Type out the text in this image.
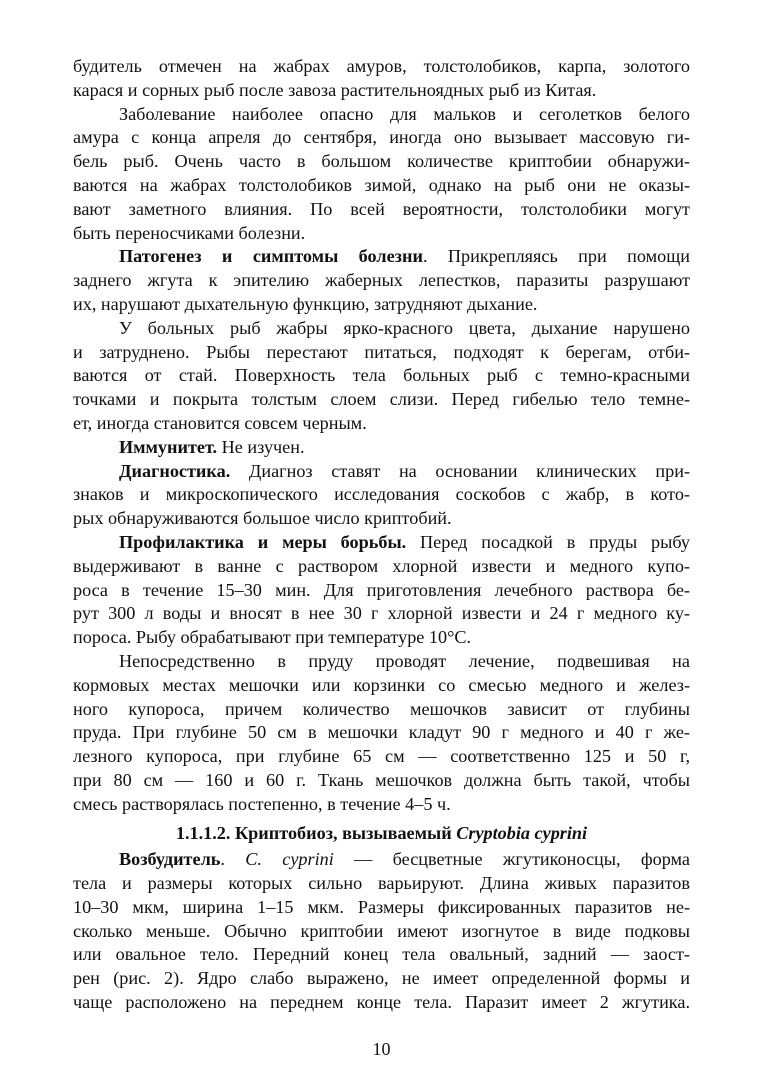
будитель отмечен на жабрах амуров, толстолобиков, карпа, золотого
карася и сорных рыб после завоза растительноядных рыб из Китая.
Заболевание наиболее опасно для мальков и сеголетков белого
амура с конца апреля до сентября, иногда оно вызывает массовую ги-
бель рыб. Очень часто в большом количестве криптобии обнаружи-
ваются на жабрах толстолобиков зимой, однако на рыб они не оказы-
вают заметного влияния. По всей вероятности, толстолобики могут
быть переносчиками болезни.
Патогенез и симптомы болезни. Прикрепляясь при помощи
заднего жгута к эпителию жаберных лепестков, паразиты разрушают
их, нарушают дыхательную функцию, затрудняют дыхание.
У больных рыб жабры ярко-красного цвета, дыхание нарушено
и затруднено. Рыбы перестают питаться, подходят к берегам, отби-
ваются от стай. Поверхность тела больных рыб с темно-красными
точками и покрыта толстым слоем слизи. Перед гибелью тело темне-
ет, иногда становится совсем черным.
Иммунитет. Не изучен.
Диагностика. Диагноз ставят на основании клинических при-
знаков и микроскопического исследования соскобов с жабр, в кото-
рых обнаруживаются большое число криптобий.
Профилактика и меры борьбы. Перед посадкой в пруды рыбу
выдерживают в ванне с раствором хлорной извести и медного купо-
роса в течение 15–30 мин. Для приготовления лечебного раствора бе-
рут 300 л воды и вносят в нее 30 г хлорной извести и 24 г медного ку-
пороса. Рыбу обрабатывают при температуре 10°С.
Непосредственно в пруду проводят лечение, подвешивая на
кормовых местах мешочки или корзинки со смесью медного и желез-
ного купороса, причем количество мешочков зависит от глубины
пруда. При глубине 50 см в мешочки кладут 90 г медного и 40 г же-
лезного купороса, при глубине 65 см — соответственно 125 и 50 г,
при 80 см — 160 и 60 г. Ткань мешочков должна быть такой, чтобы
смесь растворялась постепенно, в течение 4–5 ч.
1.1.1.2. Криптобиоз, вызываемый Cryptobia cyprini
Возбудитель. C. cyprini — бесцветные жгутиконосцы, форма
тела и размеры которых сильно варьируют. Длина живых паразитов
10–30 мкм, ширина 1–15 мкм. Размеры фиксированных паразитов не-
сколько меньше. Обычно криптобии имеют изогнутое в виде подковы
или овальное тело. Передний конец тела овальный, задний — заост-
рен (рис. 2). Ядро слабо выражено, не имеет определенной формы и
чаще расположено на переднем конце тела. Паразит имеет 2 жгутика.
10
